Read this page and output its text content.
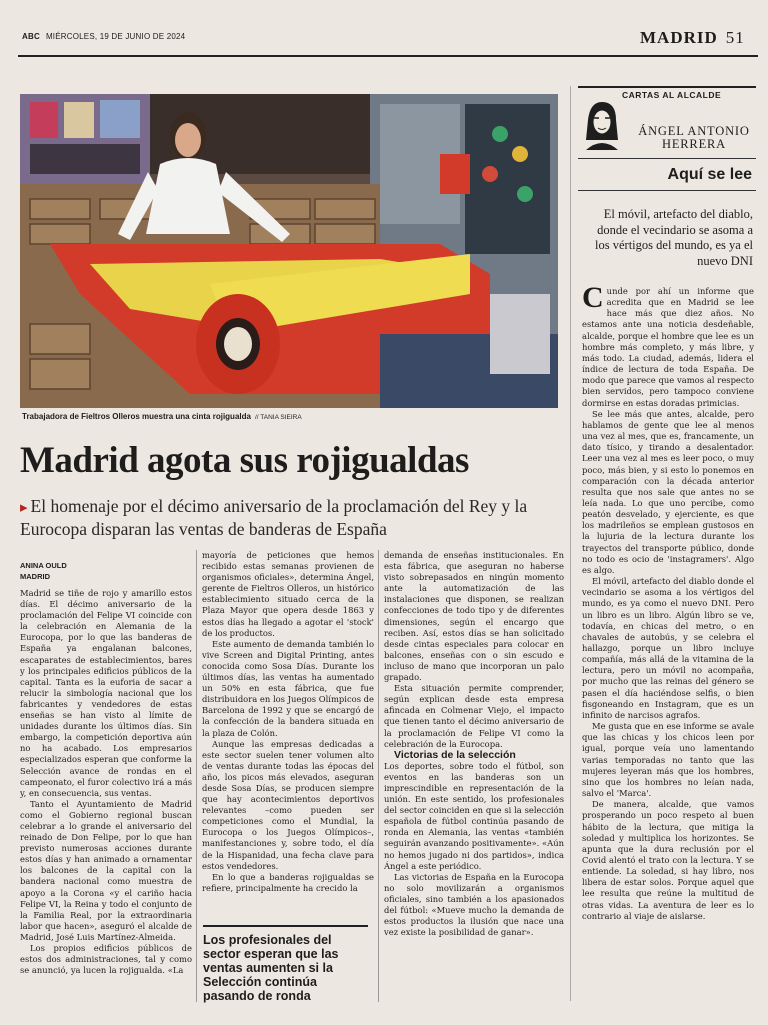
ABC MIÉRCOLES, 19 DE JUNIO DE 2024	MADRID 51
Trabajadora de Fieltros Olleros muestra una cinta rojigualda // TANIA SIEIRA
Madrid agota sus rojigualdas
▸ El homenaje por el décimo aniversario de la proclamación del Rey y la Eurocopa disparan las ventas de banderas de España
ANINA OULD
MADRID

Madrid se tiñe de rojo y amarillo estos días. El décimo aniversario de la proclamación del Felipe VI coincide con la celebración en Alemania de la Eurocopa, por lo que las banderas de España ya engalanan balcones, escaparates de establecimientos, bares y los principales edificios públicos de la capital. Tanta es la euforia de sacar a relucir la simbología nacional que los fabricantes y vendedores de estas enseñas se han visto al límite de unidades durante los últimos días. Sin embargo, la competición deportiva aún no ha acabado. Los empresarios especializados esperan que conforme la Selección avance de rondas en el campeonato, el furor colectivo irá a más y, en consecuencia, sus ventas.

Tanto el Ayuntamiento de Madrid como el Gobierno regional buscan celebrar a lo grande el aniversario del reinado de Don Felipe, por lo que han previsto numerosas acciones durante estos días y han animado a ornamentar los balcones de la capital con la bandera nacional como muestra de apoyo a la Corona «y el cariño hacia Felipe VI, la Reina y todo el conjunto de la Familia Real, por la extraordinaria labor que hacen», aseguró el alcalde de Madrid, José Luis Martínez-Almeida.

Los propios edificios públicos de estos dos administraciones, tal y como se anunció, ya lucen la rojigualda. «La

mayoría de peticiones que hemos recibido estas semanas provienen de organismos oficiales», determina Ángel, gerente de Fieltros Olleros, un histórico establecimiento situado cerca de la Plaza Mayor que opera desde 1863 y estos días ha llegado a agotar el 'stock' de los productos.

Este aumento de demanda también lo vive Screen and Digital Printing, antes conocida como Sosa Días. Durante los últimos días, las ventas ha aumentado un 50% en esta fábrica, que fue distribuidora en los Juegos Olímpicos de Barcelona de 1992 y que se encargó de la confección de la bandera situada en la plaza de Colón.

Aunque las empresas dedicadas a este sector suelen tener volumen alto de ventas durante todas las épocas del año, los picos más elevados, aseguran desde Sosa Días, se producen siempre que hay acontecimientos deportivos relevantes –como pueden ser competiciones como el Mundial, la Eurocopa o los Juegos Olímpicos–, manifestanciones y, sobre todo, el día de la Hispanidad, una fecha clave para estos vendedores.

En lo que a banderas rojigualdas se refiere, principalmente ha crecido la

Los profesionales del sector esperan que las ventas aumenten si la Selección continúa pasando de ronda

demanda de enseñas institucionales. En esta fábrica, que aseguran no haberse visto sobrepasados en ningún momento ante la automatización de las instalaciones que disponen, se realizan confecciones de todo tipo y de diferentes dimensiones, según el encargo que reciben. Así, estos días se han solicitado desde cintas especiales para colocar en balcones, enseñas con o sin escudo e incluso de mano que incorporan un palo grapado.

Esta situación permite comprender, según explican desde esta empresa afincada en Colmenar Viejo, el impacto que tienen tanto el décimo aniversario de la proclamación de Felipe VI como la celebración de la Eurocopa.

Victorias de la selección

Los deportes, sobre todo el fútbol, son eventos en las banderas son un imprescindible en representación de la unión. En este sentido, los profesionales del sector coinciden en que si la selección española de fútbol continúa pasando de ronda en Alemania, las ventas «también seguirán avanzando positivamente». «Aún no hemos jugado ni dos partidos», indica Ángel a este periódico.

Las victorias de España en la Eurocopa no solo movilizarán a organismos oficiales, sino también a los apasionados del fútbol: «Mueve mucho la demanda de estos productos la ilusión que nace una vez existe la posibilidad de ganar».

CARTAS AL ALCALDE
ÁNGEL ANTONIO HERRERA
Aquí se lee
El móvil, artefacto del diablo, donde el vecindario se asoma a los vértigos del mundo, es ya el nuevo DNI

Cunde por ahí un informe que acredita que en Madrid se lee hace más que diez años. No estamos ante una noticia desdeñable, alcalde, porque el hombre que lee es un hombre más completo, y más libre, y más todo. La ciudad, además, lidera el índice de lectura de toda España. De modo que parece que vamos al respecto bien servidos, pero tampoco conviene dormirse en estas doradas primicias.

Se lee más que antes, alcalde, pero hablamos de gente que lee al menos una vez al mes, que es, francamente, un dato tísico, y tirando a desalentador. Leer una vez al mes es leer poco, o muy poco, más bien, y si esto lo ponemos en comparación con la década anterior resulta que nos sale que antes no se leía nada. Lo que uno percibe, como peatón desvelado, y ejerciente, es que los madrileños se emplean gustosos en la lujuria de la lectura durante los trayectos del transporte público, donde no todo es ocio de 'instagramers'. Algo es algo.

El móvil, artefacto del diablo donde el vecindario se asoma a los vértigos del mundo, es ya como el nuevo DNI. Pero un libro es un libro. Algún libro se ve, todavía, en chicas del metro, o en chavales de autobús, y se celebra el hallazgo, porque un libro incluye compañía, más allá de la vitamina de la lectura, pero un móvil no acompaña, por mucho que las reinas del género se pasen el día haciéndose selfis, o bien fisgoneando en Instagram, que es un infinito de narcisos agrafos.

Me gusta que en ese informe se avale que las chicas y los chicos leen por igual, porque veía uno lamentando varias temporadas no tanto que las mujeres leyeran más que los hombres, sino que los hombres no leían nada, salvo el 'Marca'.

De manera, alcalde, que vamos prosperando un poco respeto al buen hábito de la lectura, que mitiga la soledad y multiplica los horizontes. Se apunta que la dura reclusión por el Covid alentó el trato con la lectura. Y se entiende. La soledad, si hay libro, nos libera de estar solos. Porque aquel que lee resulta que reúne la multitud de otras vidas. La aventura de leer es lo contrario al viaje de aislarse.
